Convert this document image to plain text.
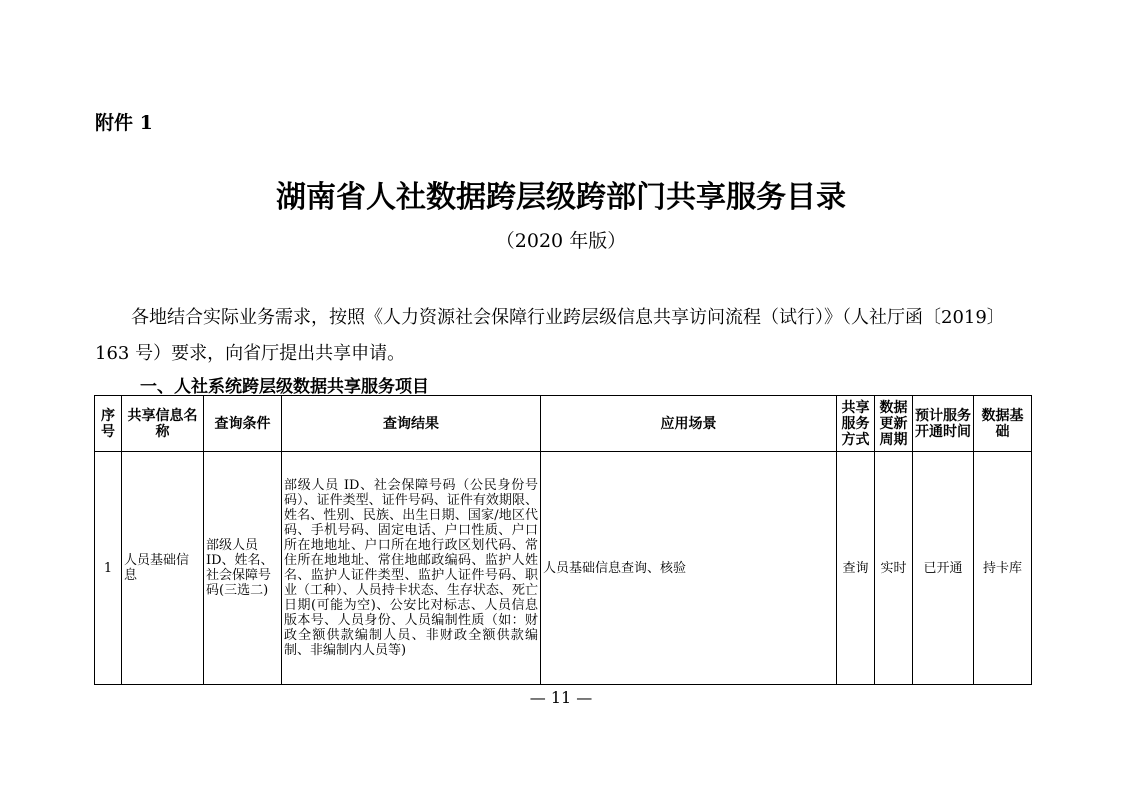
附件 1
湖南省人社数据跨层级跨部门共享服务目录
（2020 年版）
各地结合实际业务需求，按照《人力资源社会保障行业跨层级信息共享访问流程（试行）》（人社厅函〔2019〕163 号）要求，向省厅提出共享申请。
一、人社系统跨层级数据共享服务项目
序号	共享信息名称	查询条件	查询结果	应用场景	共享服务方式	数据更新周期	预计服务开通时间	数据基础
1	人员基础信息	部级人员ID、姓名、社会保障号码(三选二)	部级人员 ID、社会保障号码（公民身份号码）、证件类型、证件号码、证件有效期限、姓名、性别、民族、出生日期、国家/地区代码、手机号码、固定电话、户口性质、户口所在地地址、户口所在地行政区划代码、常住所在地地址、常住地邮政编码、监护人姓名、监护人证件类型、监护人证件号码、职业（工种）、人员持卡状态、生存状态、死亡日期(可能为空)、公安比对标志、人员信息版本号、人员身份、人员编制性质（如：财政全额供款编制人员、非财政全额供款编制、非编制内人员等)	人员基础信息查询、核验	查询	实时	已开通	持卡库
— 11 —
